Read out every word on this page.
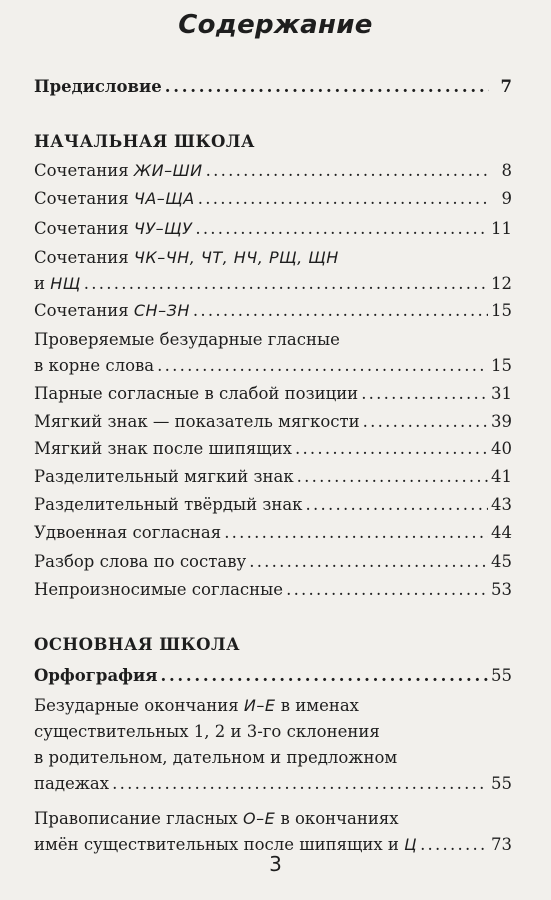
Содержание
Предисловие . . .	7
НАЧАЛЬНАЯ ШКОЛА
Сочетания ЖИ–ШИ . . .	8
Сочетания ЧА–ЩА . . .	9
Сочетания ЧУ–ЩУ . . .	11
Сочетания ЧК–ЧН, ЧТ, НЧ, РЩ, ЩН
и НЩ . . .	12
Сочетания СН–ЗН . . .	15
Проверяемые безударные гласные
в корне слова . . .	15
Парные согласные в слабой позиции . . .	31
Мягкий знак — показатель мягкости . . .	39
Мягкий знак после шипящих . . .	40
Разделительный мягкий знак . . .	41
Разделительный твёрдый знак . . .	43
Удвоенная согласная . . .	44
Разбор слова по составу . . .	45
Непроизносимые согласные . . .	53
ОСНОВНАЯ ШКОЛА
Орфография . . .	55
Безударные окончания И–Е в именах
существительных 1, 2 и 3-го склонения
в родительном, дательном и предложном
падежах . . .	55
Правописание гласных О–Е в окончаниях
имён существительных после шипящих и Ц . . .	73
3
